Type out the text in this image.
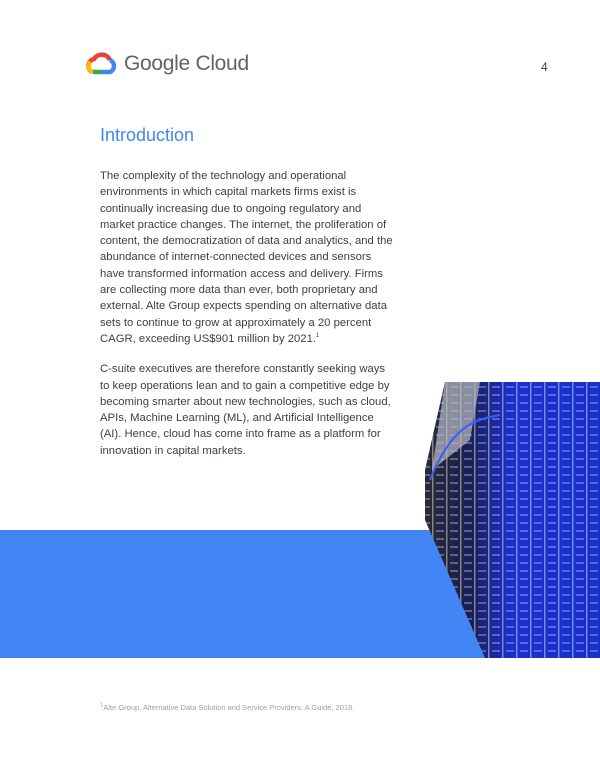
Google Cloud	4
Introduction

The complexity of the technology and operational environments in which capital markets firms exist is continually increasing due to ongoing regulatory and market practice changes. The internet, the proliferation of content, the democratization of data and analytics, and the abundance of internet-connected devices and sensors have transformed information access and delivery. Firms are collecting more data than ever, both proprietary and external. Alte Group expects spending on alternative data sets to continue to grow at approximately a 20 percent CAGR, exceeding US$901 million by 2021.$^1$

C-suite executives are therefore constantly seeking ways to keep operations lean and to gain a competitive edge by becoming smarter about new technologies, such as cloud, APIs, Machine Learning (ML), and Artificial Intelligence (AI). Hence, cloud has come into frame as a platform for innovation in capital markets.

$^1$Alte Group, Alternative Data Solution and Service Providers: A Guide, 2018.
